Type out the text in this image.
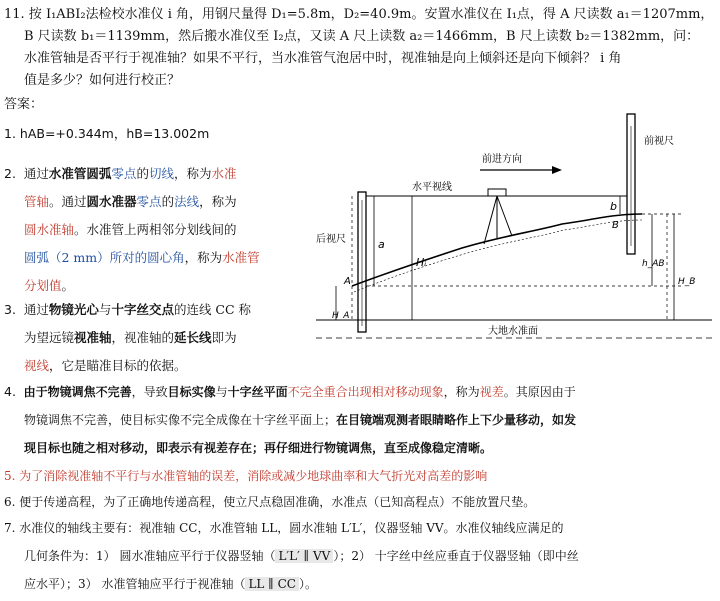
11. 按 I₁ABI₂法检校水准仪 i 角，用钢尺量得 D₁=5.8m，D₂=40.9m。安置水准仪在 I₁点，得 A 尺读数 a₁＝1207mm，
B 尺读数 b₁＝1139mm，然后搬水准仪至 I₂点，又读 A 尺上读数 a₂＝1466mm，B 尺上读数 b₂＝1382mm，问：
水准管轴是否平行于视准轴？如果不平行，当水准管气泡居中时，视准轴是向上倾斜还是向下倾斜？ i 角
值是多少？如何进行校正？
答案：
1. hAB=+0.344m，hB=13.002m
2. 通过水准管圆弧零点的切线，称为水准
管轴。通过圆水准器零点的法线，称为
圆水准轴。水准管上两相邻分划线间的
圆弧（2 mm）所对的圆心角，称为水准管
分划值。
3. 通过物镜光心与十字丝交点的连线 CC 称
为望远镜视准轴，视准轴的延长线即为
视线，它是瞄准目标的依据。
4. 由于物镜调焦不完善，导致目标实像与十字丝平面不完全重合出现相对移动现象，称为视差。其原因由于
物镜调焦不完善，使目标实像不完全成像在十字丝平面上；在目镜端观测者眼睛略作上下少量移动，如发
现目标也随之相对移动，即表示有视差存在；再仔细进行物镜调焦，直至成像稳定清晰。
5. 为了消除视准轴不平行与水准管轴的误差，消除或减少地球曲率和大气折光对高差的影响
6. 便于传递高程，为了正确地传递高程，使立尺点稳固准确，水准点（已知高程点）不能放置尺垫。
7. 水准仪的轴线主要有：视准轴 CC，水准管轴 LL，圆水准轴 L′L′，仪器竖轴 VV。水准仪轴线应满足的
几何条件为：1） 圆水准轴应平行于仪器竖轴（ L′L′ ∥ VV ）；2） 十字丝中丝应垂直于仪器竖轴（即中丝
应水平）；3） 水准管轴应平行于视准轴（ LL ∥ CC ）。
前视尺
后视尺
前进方向
水平视线
大地水准面
a
b
Hᵢ
H_A
A
h_AB
H_B
B
